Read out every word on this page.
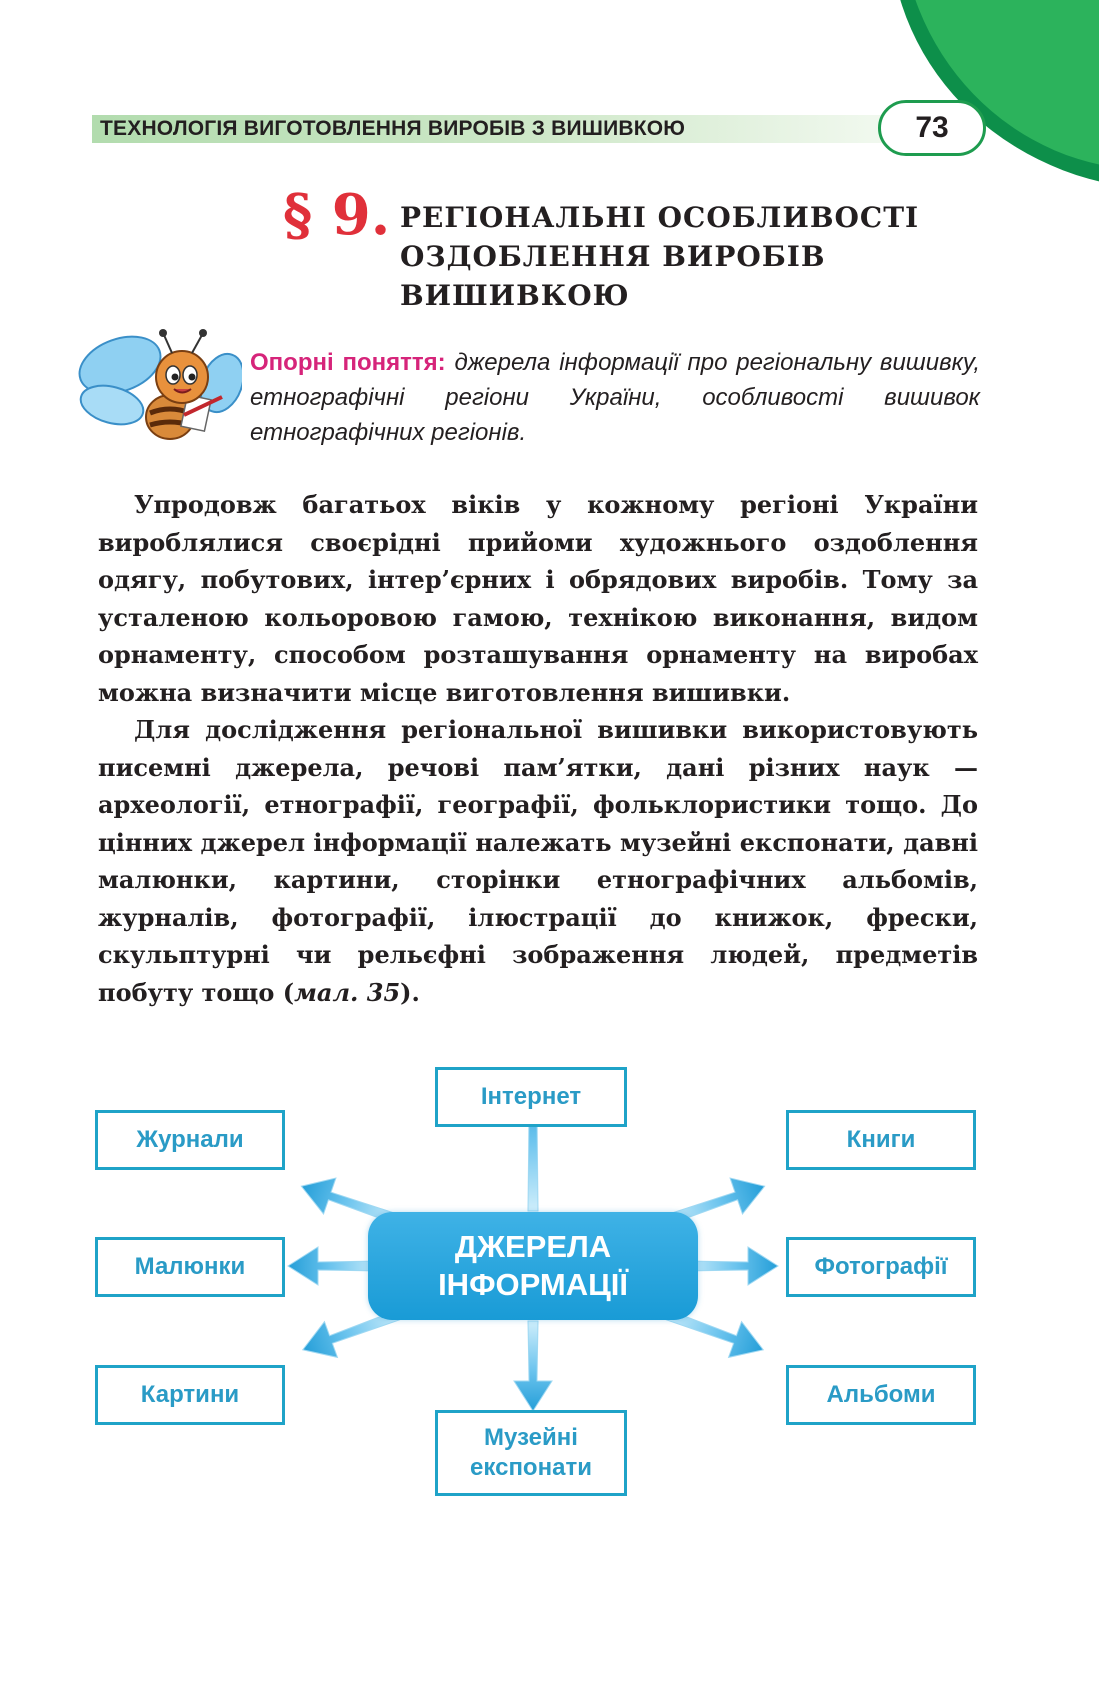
ТЕХНОЛОГІЯ ВИГОТОВЛЕННЯ ВИРОБІВ З ВИШИВКОЮ	73
§ 9. РЕГІОНАЛЬНІ ОСОБЛИВОСТІ
ОЗДОБЛЕННЯ ВИРОБІВ
ВИШИВКОЮ
Опорні поняття: джерела інформації про регіональну вишивку, етнографічні регіони України, особливості вишивок етнографічних регіонів.

Упродовж багатьох віків у кожному регіоні України вироблялися своєрідні прийоми художнього оздоблення одягу, побутових, інтер’єрних і обрядових виробів. Тому за усталеною кольоровою гамою, технікою виконання, видом орнаменту, способом розташування орнаменту на виробах можна визначити місце виготовлення вишивки.

Для дослідження регіональної вишивки використовують писемні джерела, речові пам’ятки, дані різних наук — археології, етнографії, географії, фольклористики тощо. До цінних джерел інформації належать музейні експонати, давні малюнки, картини, сторінки етнографічних альбомів, журналів, фотографії, ілюстрації до книжок, фрески, скульптурні чи рельєфні зображення людей, предметів побуту тощо (мал. 35).

Інтернет
Журнали	Книги
Малюнки	Фотографії
Картини	Альбоми
Музейні
експонати
ДЖЕРЕЛА
ІНФОРМАЦІЇ
